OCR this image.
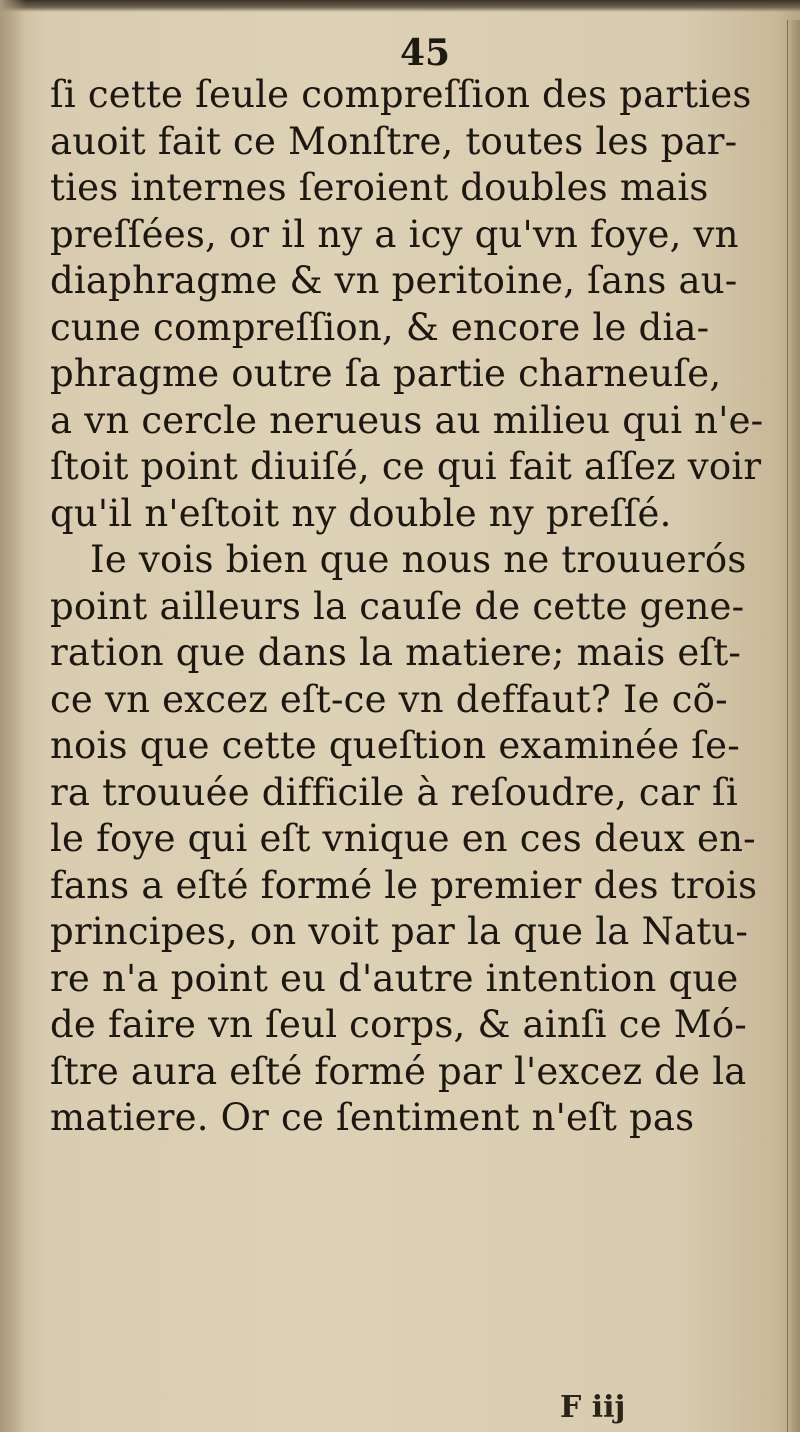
45
ſi cette ſeule compreſſion des parties
auoit fait ce Monſtre, toutes les par-
ties internes ſeroient doubles mais
preſſées, or il ny a icy qu'vn foye, vn
diaphragme & vn peritoine, ſans au-
cune compreſſion, & encore le dia-
phragme outre ſa partie charneuſe,
a vn cercle nerueus au milieu qui n'e-
ſtoit point diuiſé, ce qui fait aſſez voir
qu'il n'eſtoit ny double ny preſſé.
Ie vois bien que nous ne trouuerós
point ailleurs la cauſe de cette gene-
ration que dans la matiere; mais eſt-
ce vn excez eſt-ce vn deffaut? Ie cõ-
nois que cette queſtion examinée ſe-
ra trouuée difficile à reſoudre, car ſi
le foye qui eſt vnique en ces deux en-
fans a eſté formé le premier des trois
principes, on voit par la que la Natu-
re n'a point eu d'autre intention que
de faire vn ſeul corps, & ainſi ce Mó-
ſtre aura eſté formé par l'excez de la
matiere. Or ce ſentiment n'eſt pas
F iij
